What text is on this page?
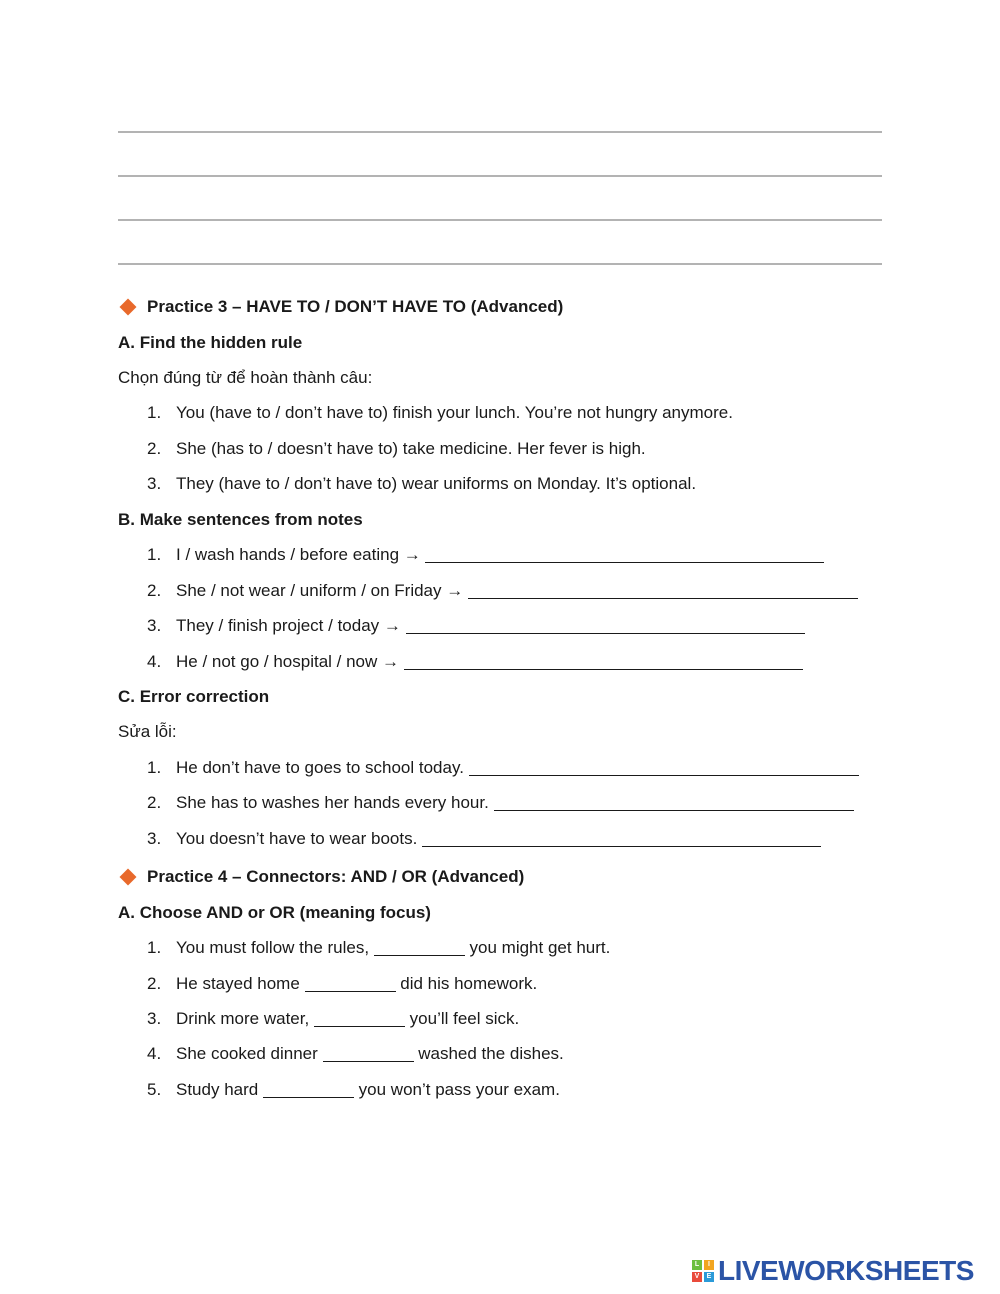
Practice 3 – HAVE TO / DON’T HAVE TO (Advanced)
A. Find the hidden rule
Chọn đúng từ để hoàn thành câu:
1. You (have to / don’t have to) finish your lunch. You’re not hungry anymore.
2. She (has to / doesn’t have to) take medicine. Her fever is high.
3. They (have to / don’t have to) wear uniforms on Monday. It’s optional.
B. Make sentences from notes
1. I / wash hands / before eating →
2. She / not wear / uniform / on Friday →
3. They / finish project / today →
4. He / not go / hospital / now →
C. Error correction
Sửa lỗi:
1. He don’t have to goes to school today.
2. She has to washes her hands every hour.
3. You doesn’t have to wear boots.
Practice 4 – Connectors: AND / OR (Advanced)
A. Choose AND or OR (meaning focus)
1. You must follow the rules,	you might get hurt.
2. He stayed home	did his homework.
3. Drink more water,	you’ll feel sick.
4. She cooked dinner	washed the dishes.
5. Study hard	you won’t pass your exam.
L	I
V	E LIVEWORKSHEETS
